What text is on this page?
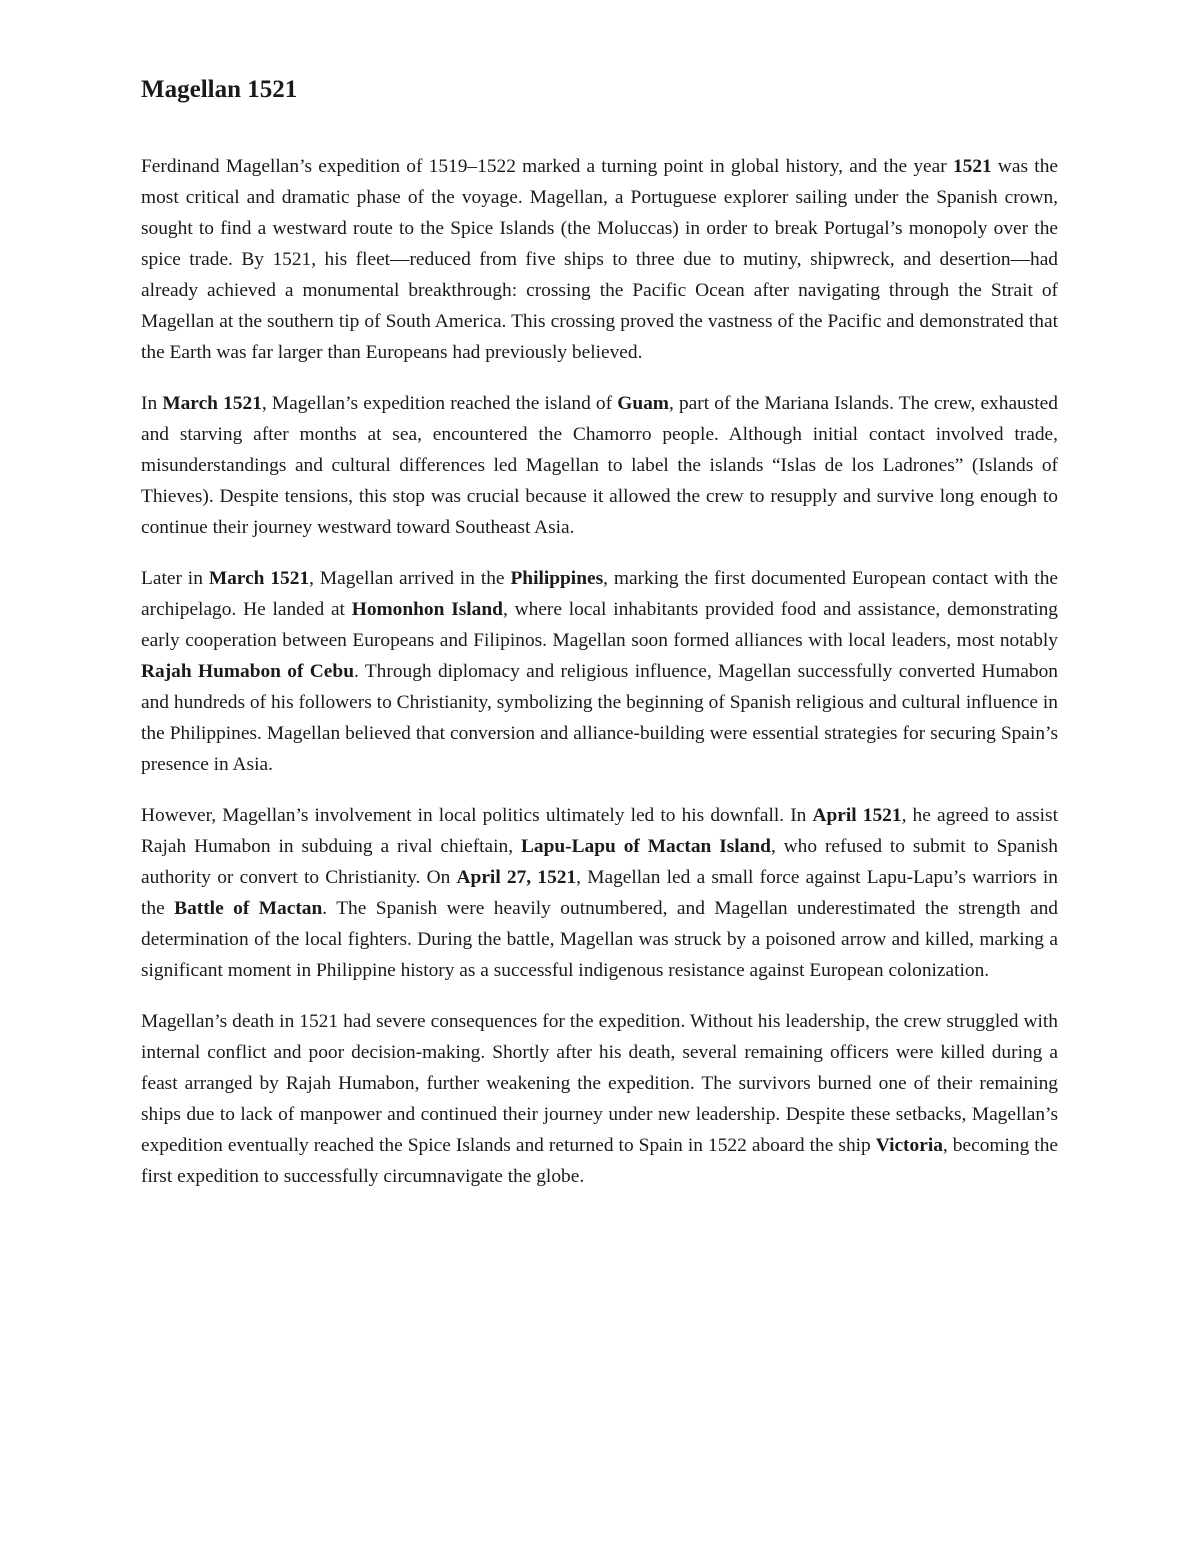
Magellan 1521

Ferdinand Magellan’s expedition of 1519–1522 marked a turning point in global history, and the year 1521 was the most critical and dramatic phase of the voyage. Magellan, a Portuguese explorer sailing under the Spanish crown, sought to find a westward route to the Spice Islands (the Moluccas) in order to break Portugal’s monopoly over the spice trade. By 1521, his fleet—reduced from five ships to three due to mutiny, shipwreck, and desertion—had already achieved a monumental breakthrough: crossing the Pacific Ocean after navigating through the Strait of Magellan at the southern tip of South America. This crossing proved the vastness of the Pacific and demonstrated that the Earth was far larger than Europeans had previously believed.

In March 1521, Magellan’s expedition reached the island of Guam, part of the Mariana Islands. The crew, exhausted and starving after months at sea, encountered the Chamorro people. Although initial contact involved trade, misunderstandings and cultural differences led Magellan to label the islands “Islas de los Ladrones” (Islands of Thieves). Despite tensions, this stop was crucial because it allowed the crew to resupply and survive long enough to continue their journey westward toward Southeast Asia.

Later in March 1521, Magellan arrived in the Philippines, marking the first documented European contact with the archipelago. He landed at Homonhon Island, where local inhabitants provided food and assistance, demonstrating early cooperation between Europeans and Filipinos. Magellan soon formed alliances with local leaders, most notably Rajah Humabon of Cebu. Through diplomacy and religious influence, Magellan successfully converted Humabon and hundreds of his followers to Christianity, symbolizing the beginning of Spanish religious and cultural influence in the Philippines. Magellan believed that conversion and alliance-building were essential strategies for securing Spain’s presence in Asia.

However, Magellan’s involvement in local politics ultimately led to his downfall. In April 1521, he agreed to assist Rajah Humabon in subduing a rival chieftain, Lapu-Lapu of Mactan Island, who refused to submit to Spanish authority or convert to Christianity. On April 27, 1521, Magellan led a small force against Lapu-Lapu’s warriors in the Battle of Mactan. The Spanish were heavily outnumbered, and Magellan underestimated the strength and determination of the local fighters. During the battle, Magellan was struck by a poisoned arrow and killed, marking a significant moment in Philippine history as a successful indigenous resistance against European colonization.

Magellan’s death in 1521 had severe consequences for the expedition. Without his leadership, the crew struggled with internal conflict and poor decision-making. Shortly after his death, several remaining officers were killed during a feast arranged by Rajah Humabon, further weakening the expedition. The survivors burned one of their remaining ships due to lack of manpower and continued their journey under new leadership. Despite these setbacks, Magellan’s expedition eventually reached the Spice Islands and returned to Spain in 1522 aboard the ship Victoria, becoming the first expedition to successfully circumnavigate the globe.
